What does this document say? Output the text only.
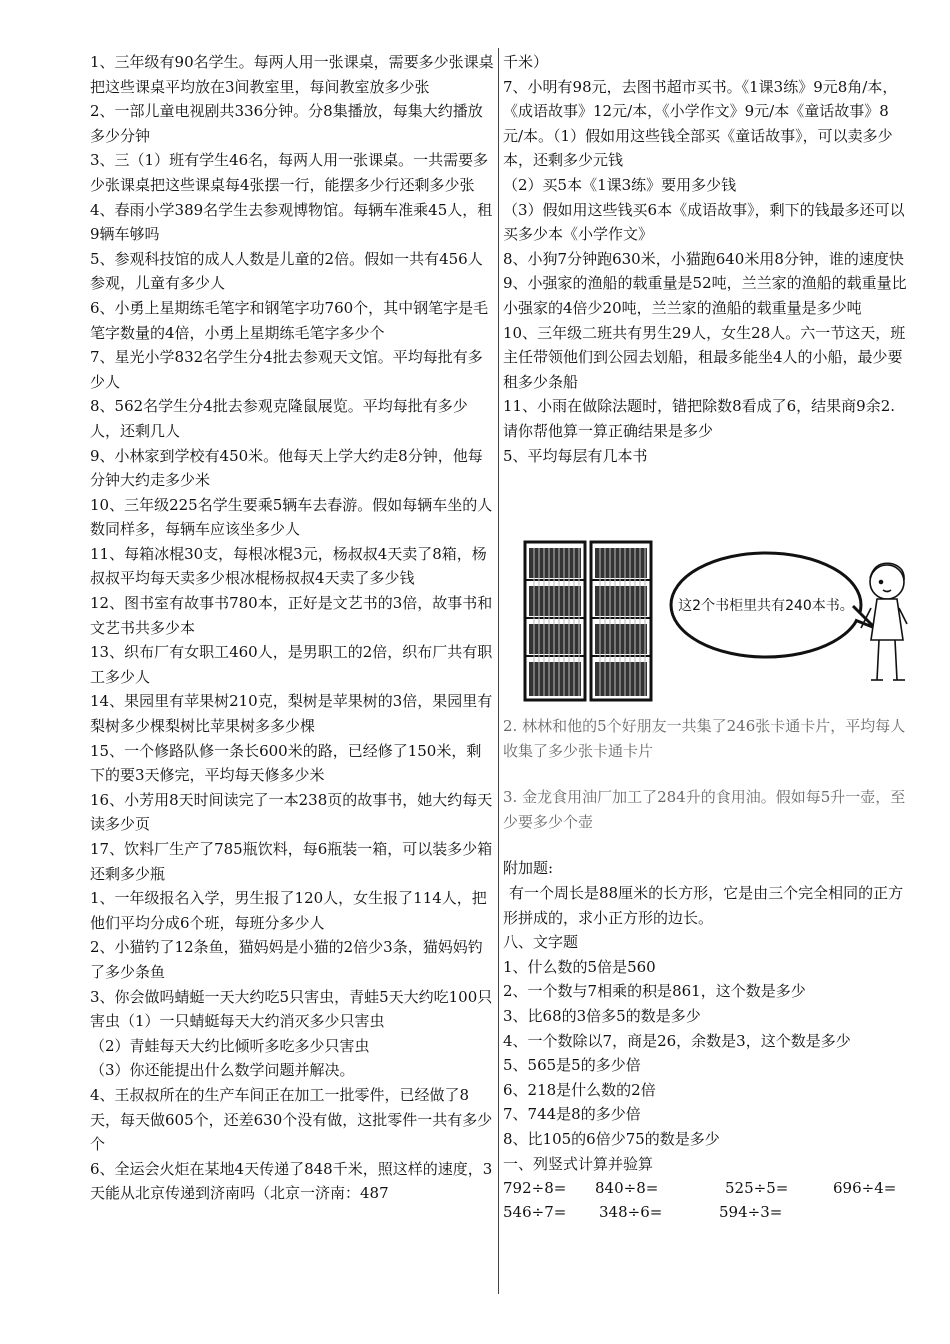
1、三年级有90名学生。每两人用一张课桌，需要多少张课桌把这些课桌平均放在3间教室里，每间教室放多少张

2、一部儿童电视剧共336分钟。分8集播放，每集大约播放多少分钟

3、三（1）班有学生46名，每两人用一张课桌。一共需要多少张课桌把这些课桌每4张摆一行，能摆多少行还剩多少张

4、春雨小学389名学生去参观博物馆。每辆车准乘45人，租9辆车够吗

5、参观科技馆的成人人数是儿童的2倍。假如一共有456人参观，儿童有多少人

6、小勇上星期练毛笔字和钢笔字功760个，其中钢笔字是毛笔字数量的4倍，小勇上星期练毛笔字多少个

7、星光小学832名学生分4批去参观天文馆。平均每批有多少人

8、562名学生分4批去参观克隆鼠展览。平均每批有多少人，还剩几人

9、小林家到学校有450米。他每天上学大约走8分钟，他每分钟大约走多少米

10、三年级225名学生要乘5辆车去春游。假如每辆车坐的人数同样多，每辆车应该坐多少人

11、每箱冰棍30支，每根冰棍3元，杨叔叔4天卖了8箱，杨叔叔平均每天卖多少根冰棍杨叔叔4天卖了多少钱

12、图书室有故事书780本，正好是文艺书的3倍，故事书和文艺书共多少本

13、织布厂有女职工460人，是男职工的2倍，织布厂共有职工多少人

14、果园里有苹果树210克，梨树是苹果树的3倍，果园里有梨树多少棵梨树比苹果树多多少棵

15、一个修路队修一条长600米的路，已经修了150米，剩下的要3天修完，平均每天修多少米

16、小芳用8天时间读完了一本238页的故事书，她大约每天读多少页

17、饮料厂生产了785瓶饮料，每6瓶装一箱，可以装多少箱还剩多少瓶

1、一年级报名入学，男生报了120人，女生报了114人，把他们平均分成6个班，每班分多少人

2、小猫钓了12条鱼，猫妈妈是小猫的2倍少3条，猫妈妈钓了多少条鱼

3、你会做吗蜻蜓一天大约吃5只害虫，青蛙5天大约吃100只害虫（1）一只蜻蜓每天大约消灭多少只害虫

（2）青蛙每天大约比倾听多吃多少只害虫

（3）你还能提出什么数学问题并解决。

4、王叔叔所在的生产车间正在加工一批零件，已经做了8天，每天做605个，还差630个没有做，这批零件一共有多少个

6、全运会火炬在某地4天传递了848千米，照这样的速度，3天能从北京传递到济南吗（北京一济南：487

千米）

7、小明有98元，去图书超市买书。《1课3练》9元8角/本，《成语故事》12元/本，《小学作文》9元/本《童话故事》8元/本。（1）假如用这些钱全部买《童话故事》，可以卖多少本，还剩多少元钱

（2）买5本《1课3练》要用多少钱

（3）假如用这些钱买6本《成语故事》，剩下的钱最多还可以买多少本《小学作文》

8、小狗7分钟跑630米，小猫跑640米用8分钟，谁的速度快

9、小强家的渔船的载重量是52吨，兰兰家的渔船的载重量比小强家的4倍少20吨，兰兰家的渔船的载重量是多少吨

10、三年级二班共有男生29人，女生28人。六一节这天，班主任带领他们到公园去划船，租最多能坐4人的小船，最少要租多少条船

11、小雨在做除法题时，错把除数8看成了6，结果商9余2.请你帮他算一算正确结果是多少

5、平均每层有几本书

这2个书柜里共有240本书。

2. 林林和他的5个好朋友一共集了246张卡通卡片，平均每人收集了多少张卡通卡片

3. 金龙食用油厂加工了284升的食用油。假如每5升一壶，至少要多少个壶

附加题:

有一个周长是88厘米的长方形，它是由三个完全相同的正方形拼成的，求小正方形的边长。

八、文字题

1、什么数的5倍是560

2、一个数与7相乘的积是861，这个数是多少

3、比68的3倍多5的数是多少

4、一个数除以7，商是26，余数是3，这个数是多少

5、565是5的多少倍

6、218是什么数的2倍

7、744是8的多少倍

8、比105的6倍少75的数是多少

一、列竖式计算并验算

792÷8=	840÷8=	525÷5=	696÷4=
546÷7=	348÷6=	594÷3=
